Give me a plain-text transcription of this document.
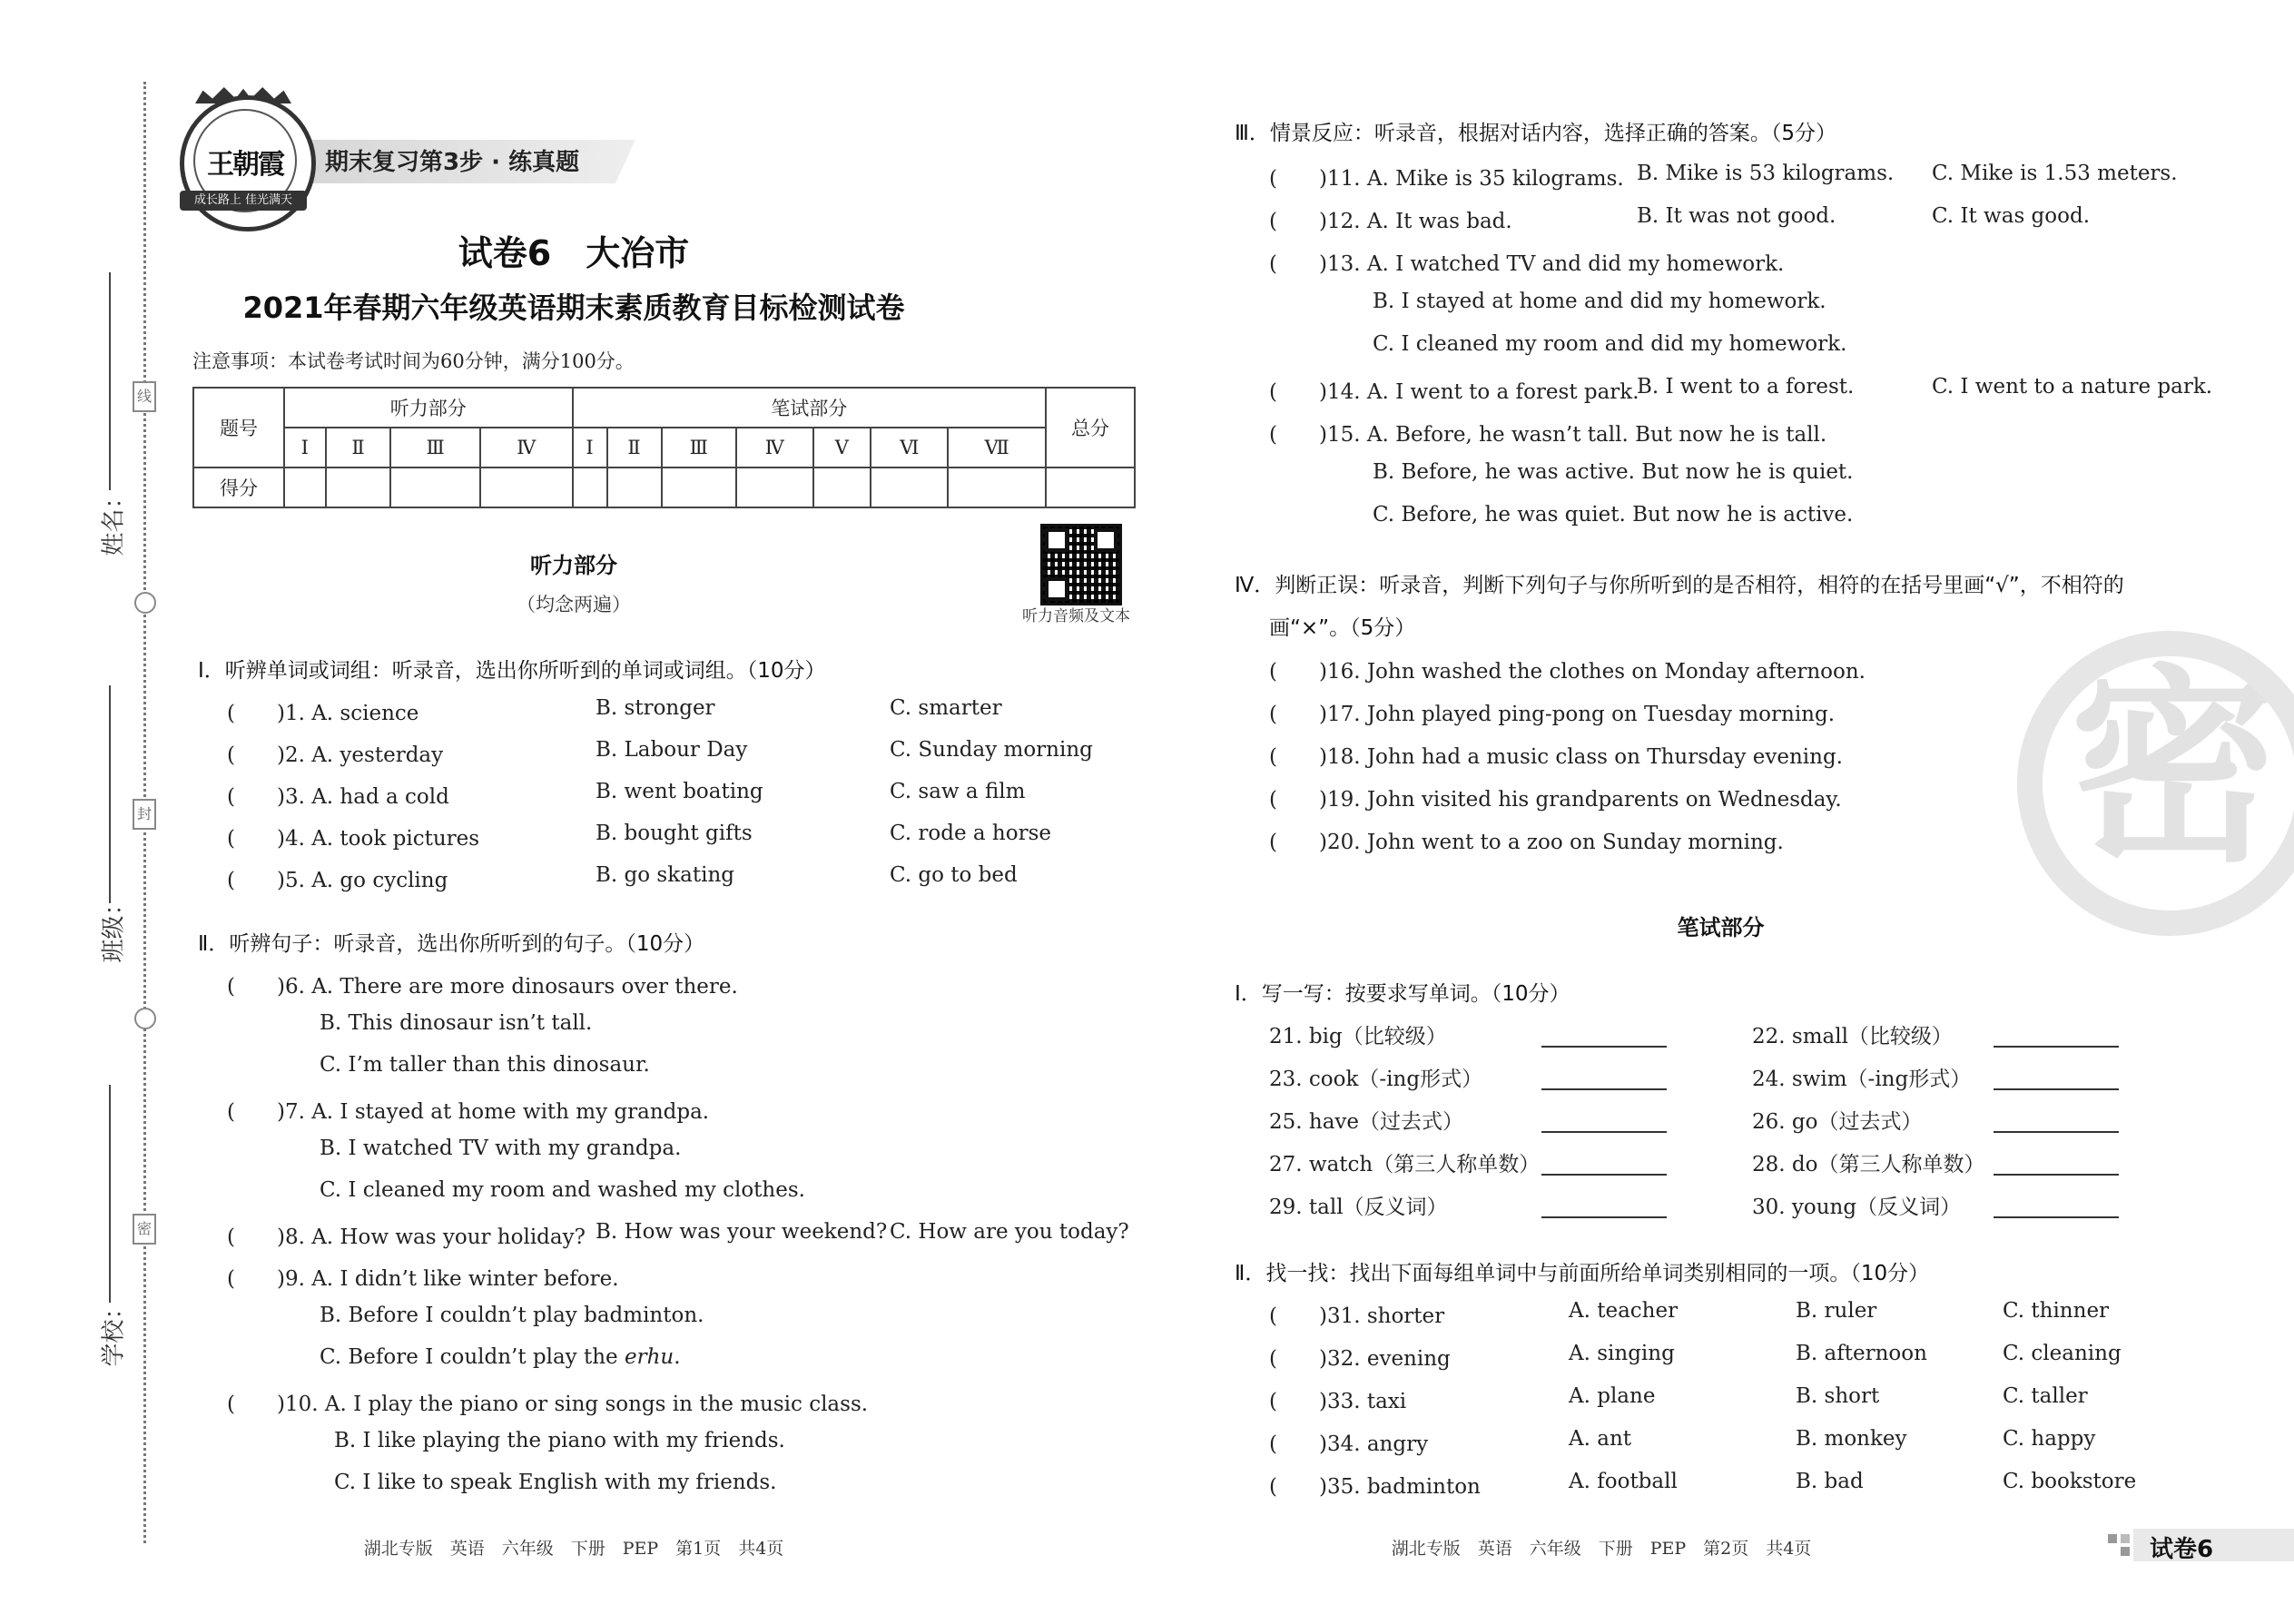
线
封
密
姓名：
班级：
学校：
期末复习第3步 · 练真题
王朝霞
成长路上 佳光满天
试卷6　大冶市
2021年春期六年级英语期末素质教育目标检测试卷
注意事项：本试卷考试时间为60分钟，满分100分。
题号	听力部分				笔试部分							总分
	Ⅰ	Ⅱ	Ⅲ	Ⅳ	Ⅰ	Ⅱ	Ⅲ	Ⅳ	Ⅴ	Ⅵ	Ⅶ	
得分												
听力部分
（均念两遍）
听力音频及文本
Ⅰ．听辨单词或词组：听录音，选出你所听到的单词或词组。（10分）
(　　)1. A. science	B. stronger	C. smarter
(　　)2. A. yesterday	B. Labour Day	C. Sunday morning
(　　)3. A. had a cold	B. went boating	C. saw a film
(　　)4. A. took pictures	B. bought gifts	C. rode a horse
(　　)5. A. go cycling	B. go skating	C. go to bed
Ⅱ．听辨句子：听录音，选出你所听到的句子。（10分）
(　　)6. A. There are more dinosaurs over there.
B. This dinosaur isn’t tall.
C. I’m taller than this dinosaur.
(　　)7. A. I stayed at home with my grandpa.
B. I watched TV with my grandpa.
C. I cleaned my room and washed my clothes.
(　　)8. A. How was your holiday? B. How was your weekend? C. How are you today?
(　　)9. A. I didn’t like winter before.
B. Before I couldn’t play badminton.
C. Before I couldn’t play the erhu.
(　　)10. A. I play the piano or sing songs in the music class.
B. I like playing the piano with my friends.
C. I like to speak English with my friends.
湖北专版　英语　六年级　下册　PEP　第1页　共4页
密
Ⅲ．情景反应：听录音，根据对话内容，选择正确的答案。（5分）
(　　)11. A. Mike is 35 kilograms. B. Mike is 53 kilograms. C. Mike is 1.53 meters.
(　　)12. A. It was bad.	B. It was not good.	C. It was good.
(　　)13. A. I watched TV and did my homework.
B. I stayed at home and did my homework.
C. I cleaned my room and did my homework.
(　　)14. A. I went to a forest park.
B. I went to a forest.	C. I went to a nature park.
(　　)15. A. Before, he wasn’t tall. But now he is tall.
B. Before, he was active. But now he is quiet.
C. Before, he was quiet. But now he is active.
Ⅳ．判断正误：听录音，判断下列句子与你所听到的是否相符，相符的在括号里画“√”，不相符的
画“×”。（5分）
(　　)16. John washed the clothes on Monday afternoon.
(　　)17. John played ping-pong on Tuesday morning.
(　　)18. John had a music class on Thursday evening.
(　　)19. John visited his grandparents on Wednesday.
(　　)20. John went to a zoo on Sunday morning.
笔试部分
Ⅰ．写一写：按要求写单词。（10分）
21. big（比较级）	22. small（比较级）
23. cook（-ing形式）	24. swim（-ing形式）
25. have（过去式）	26. go（过去式）
27. watch（第三人称单数）	28. do（第三人称单数）
29. tall（反义词）	30. young（反义词）
Ⅱ．找一找：找出下面每组单词中与前面所给单词类别相同的一项。（10分）
(　　)31. shorter	A. teacher	B. ruler	C. thinner
(　　)32. evening	A. singing	B. afternoon	C. cleaning
(　　)33. taxi	A. plane	B. short	C. taller
(　　)34. angry	A. ant	B. monkey	C. happy
(　　)35. badminton	A. football	B. bad	C. bookstore
湖北专版　英语　六年级　下册　PEP　第2页　共4页	试卷6
